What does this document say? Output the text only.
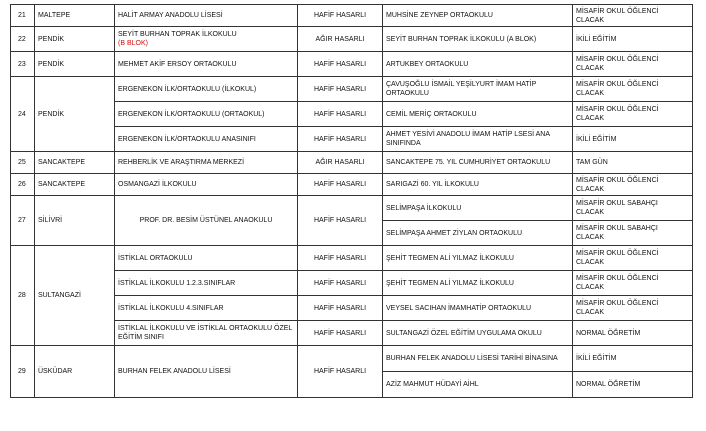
21	MALTEPE	HALİT ARMAY ANADOLU LİSESİ	HAFİF HASARLI	MUHSİNE ZEYNEP ORTAOKULU	MİSAFİR OKUL ÖĞLENCİ
CLACAK

22	PENDİK	SEYİT BURHAN TOPRAK İLKOKULU
(B BLOK)	AĞIR HASARLI	SEYİT BURHAN TOPRAK İLKOKULU (A BLOK)	İKİLİ EĞİTİM

23	PENDİK	MEHMET AKİF ERSOY ORTAOKULU	HAFİF HASARLI	ARTUKBEY ORTAOKULU	MİSAFİR OKUL ÖĞLENCİ
CLACAK

24	PENDİK	ERGENEKON İLK/ORTAOKULU (İLKOKUL)	HAFİF HASARLI	ÇAVUŞOĞLU İSMAİL YEŞİLYURT İMAM HATİP ORTAOKULU	MİSAFİR OKUL ÖĞLENCİ
CLACAK

		ERGENEKON İLK/ORTAOKULU (ORTAOKUL)	HAFİF HASARLI	CEMİL MERİÇ ORTAOKULU	MİSAFİR OKUL ÖĞLENCİ
CLACAK

		ERGENEKON İLK/ORTAOKULU ANASINIFI	HAFİF HASARLI	AHMET YESİVİ ANADOLU İMAM HATİP LSESİ ANA SINIFINDA	İKİLİ EĞİTİM

25	SANCAKTEPE	REHBERLİK VE ARAŞTIRMA MERKEZİ	AĞIR HASARLI	SANCAKTEPE 75. YIL CUMHURİYET ORTAOKULU	TAM GÜN

26	SANCAKTEPE	OSMANGAZİ İLKOKULU	HAFİF HASARLI	SARIGAZİ 60. YIL İLKOKULU	MİSAFİR OKUL ÖĞLENCİ
CLACAK

27	SİLİVRİ	PROF. DR. BESİM ÜSTÜNEL ANAOKULU	HAFİF HASARLI	SELİMPAŞA İLKOKULU	MİSAFİR OKUL SABAHÇI
CLACAK

				SELİMPAŞA AHMET ZİYLAN ORTAOKULU	MİSAFİR OKUL SABAHÇI
CLACAK

28	SULTANGAZİ	İSTİKLAL ORTAOKULU	HAFİF HASARLI	ŞEHİT TEGMEN ALİ YILMAZ İLKOKULU	MİSAFİR OKUL ÖĞLENCİ
CLACAK

		İSTİKLAL İLKOKULU 1.2.3.SINIFLAR	HAFİF HASARLI	ŞEHİT TEGMEN ALİ YILMAZ İLKOKULU	MİSAFİR OKUL ÖĞLENCİ
CLACAK

		İSTİKLAL İLKOKULU 4.SINIFLAR	HAFİF HASARLI	VEYSEL SACIHAN İMAMHATİP ORTAOKULU	MİSAFİR OKUL ÖĞLENCİ
CLACAK

		İSTİKLAL İLKOKULU VE İSTİKLAL ORTAOKULU ÖZEL EĞİTİM SINIFI	HAFİF HASARLI	SULTANGAZİ ÖZEL EĞİTİM UYGULAMA OKULU	NORMAL ÖĞRETİM

29	ÜSKÜDAR	BURHAN FELEK ANADOLU LİSESİ	HAFİF HASARLI	BURHAN FELEK ANADOLU LİSESİ TARİHİ BİNASINA	İKİLİ EĞİTİM

				AZİZ MAHMUT HÜDAYİ AİHL	NORMAL ÖĞRETİM
